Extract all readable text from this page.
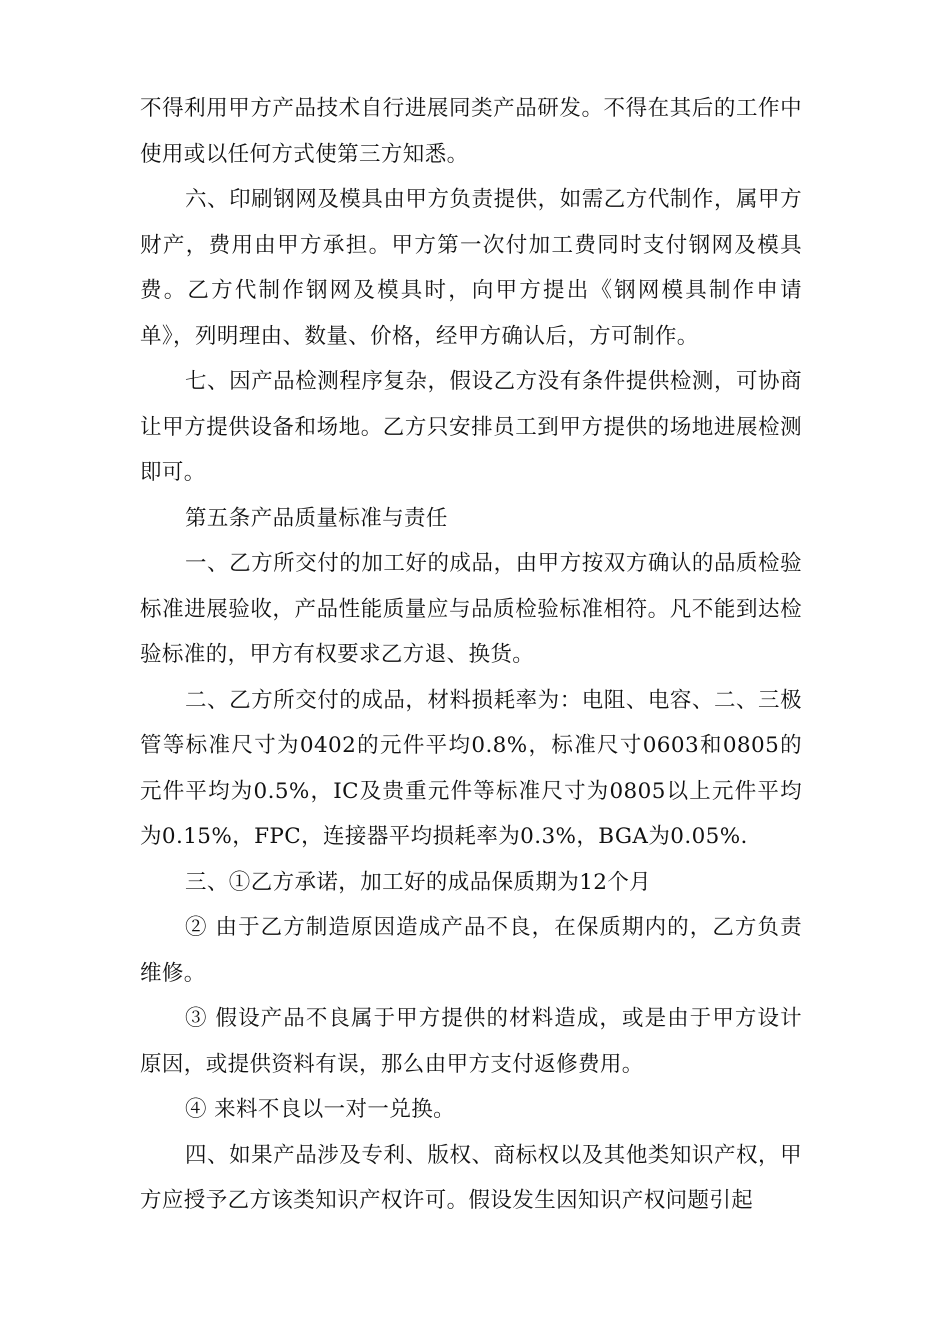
不得利用甲方产品技术自行进展同类产品研发。不得在其后的工作中使用或以任何方式使第三方知悉。

六、印刷钢网及模具由甲方负责提供，如需乙方代制作，属甲方财产，费用由甲方承担。甲方第一次付加工费同时支付钢网及模具费。乙方代制作钢网及模具时，向甲方提出《钢网模具制作申请单》，列明理由、数量、价格，经甲方确认后，方可制作。

七、因产品检测程序复杂，假设乙方没有条件提供检测，可协商让甲方提供设备和场地。乙方只安排员工到甲方提供的场地进展检测即可。

第五条产品质量标准与责任

一、乙方所交付的加工好的成品，由甲方按双方确认的品质检验标准进展验收，产品性能质量应与品质检验标准相符。凡不能到达检验标准的，甲方有权要求乙方退、换货。

二、乙方所交付的成品，材料损耗率为：电阻、电容、二、三极管等标准尺寸为0402的元件平均0.8%，标准尺寸0603和0805的元件平均为0.5%，IC及贵重元件等标准尺寸为0805以上元件平均为0.15%，FPC，连接器平均损耗率为0.3%，BGA为0.05%.

三、①乙方承诺，加工好的成品保质期为12个月

② 由于乙方制造原因造成产品不良，在保质期内的，乙方负责维修。

③ 假设产品不良属于甲方提供的材料造成，或是由于甲方设计原因，或提供资料有误，那么由甲方支付返修费用。

④ 来料不良以一对一兑换。

四、如果产品涉及专利、版权、商标权以及其他类知识产权，甲方应授予乙方该类知识产权许可。假设发生因知识产权问题引起
